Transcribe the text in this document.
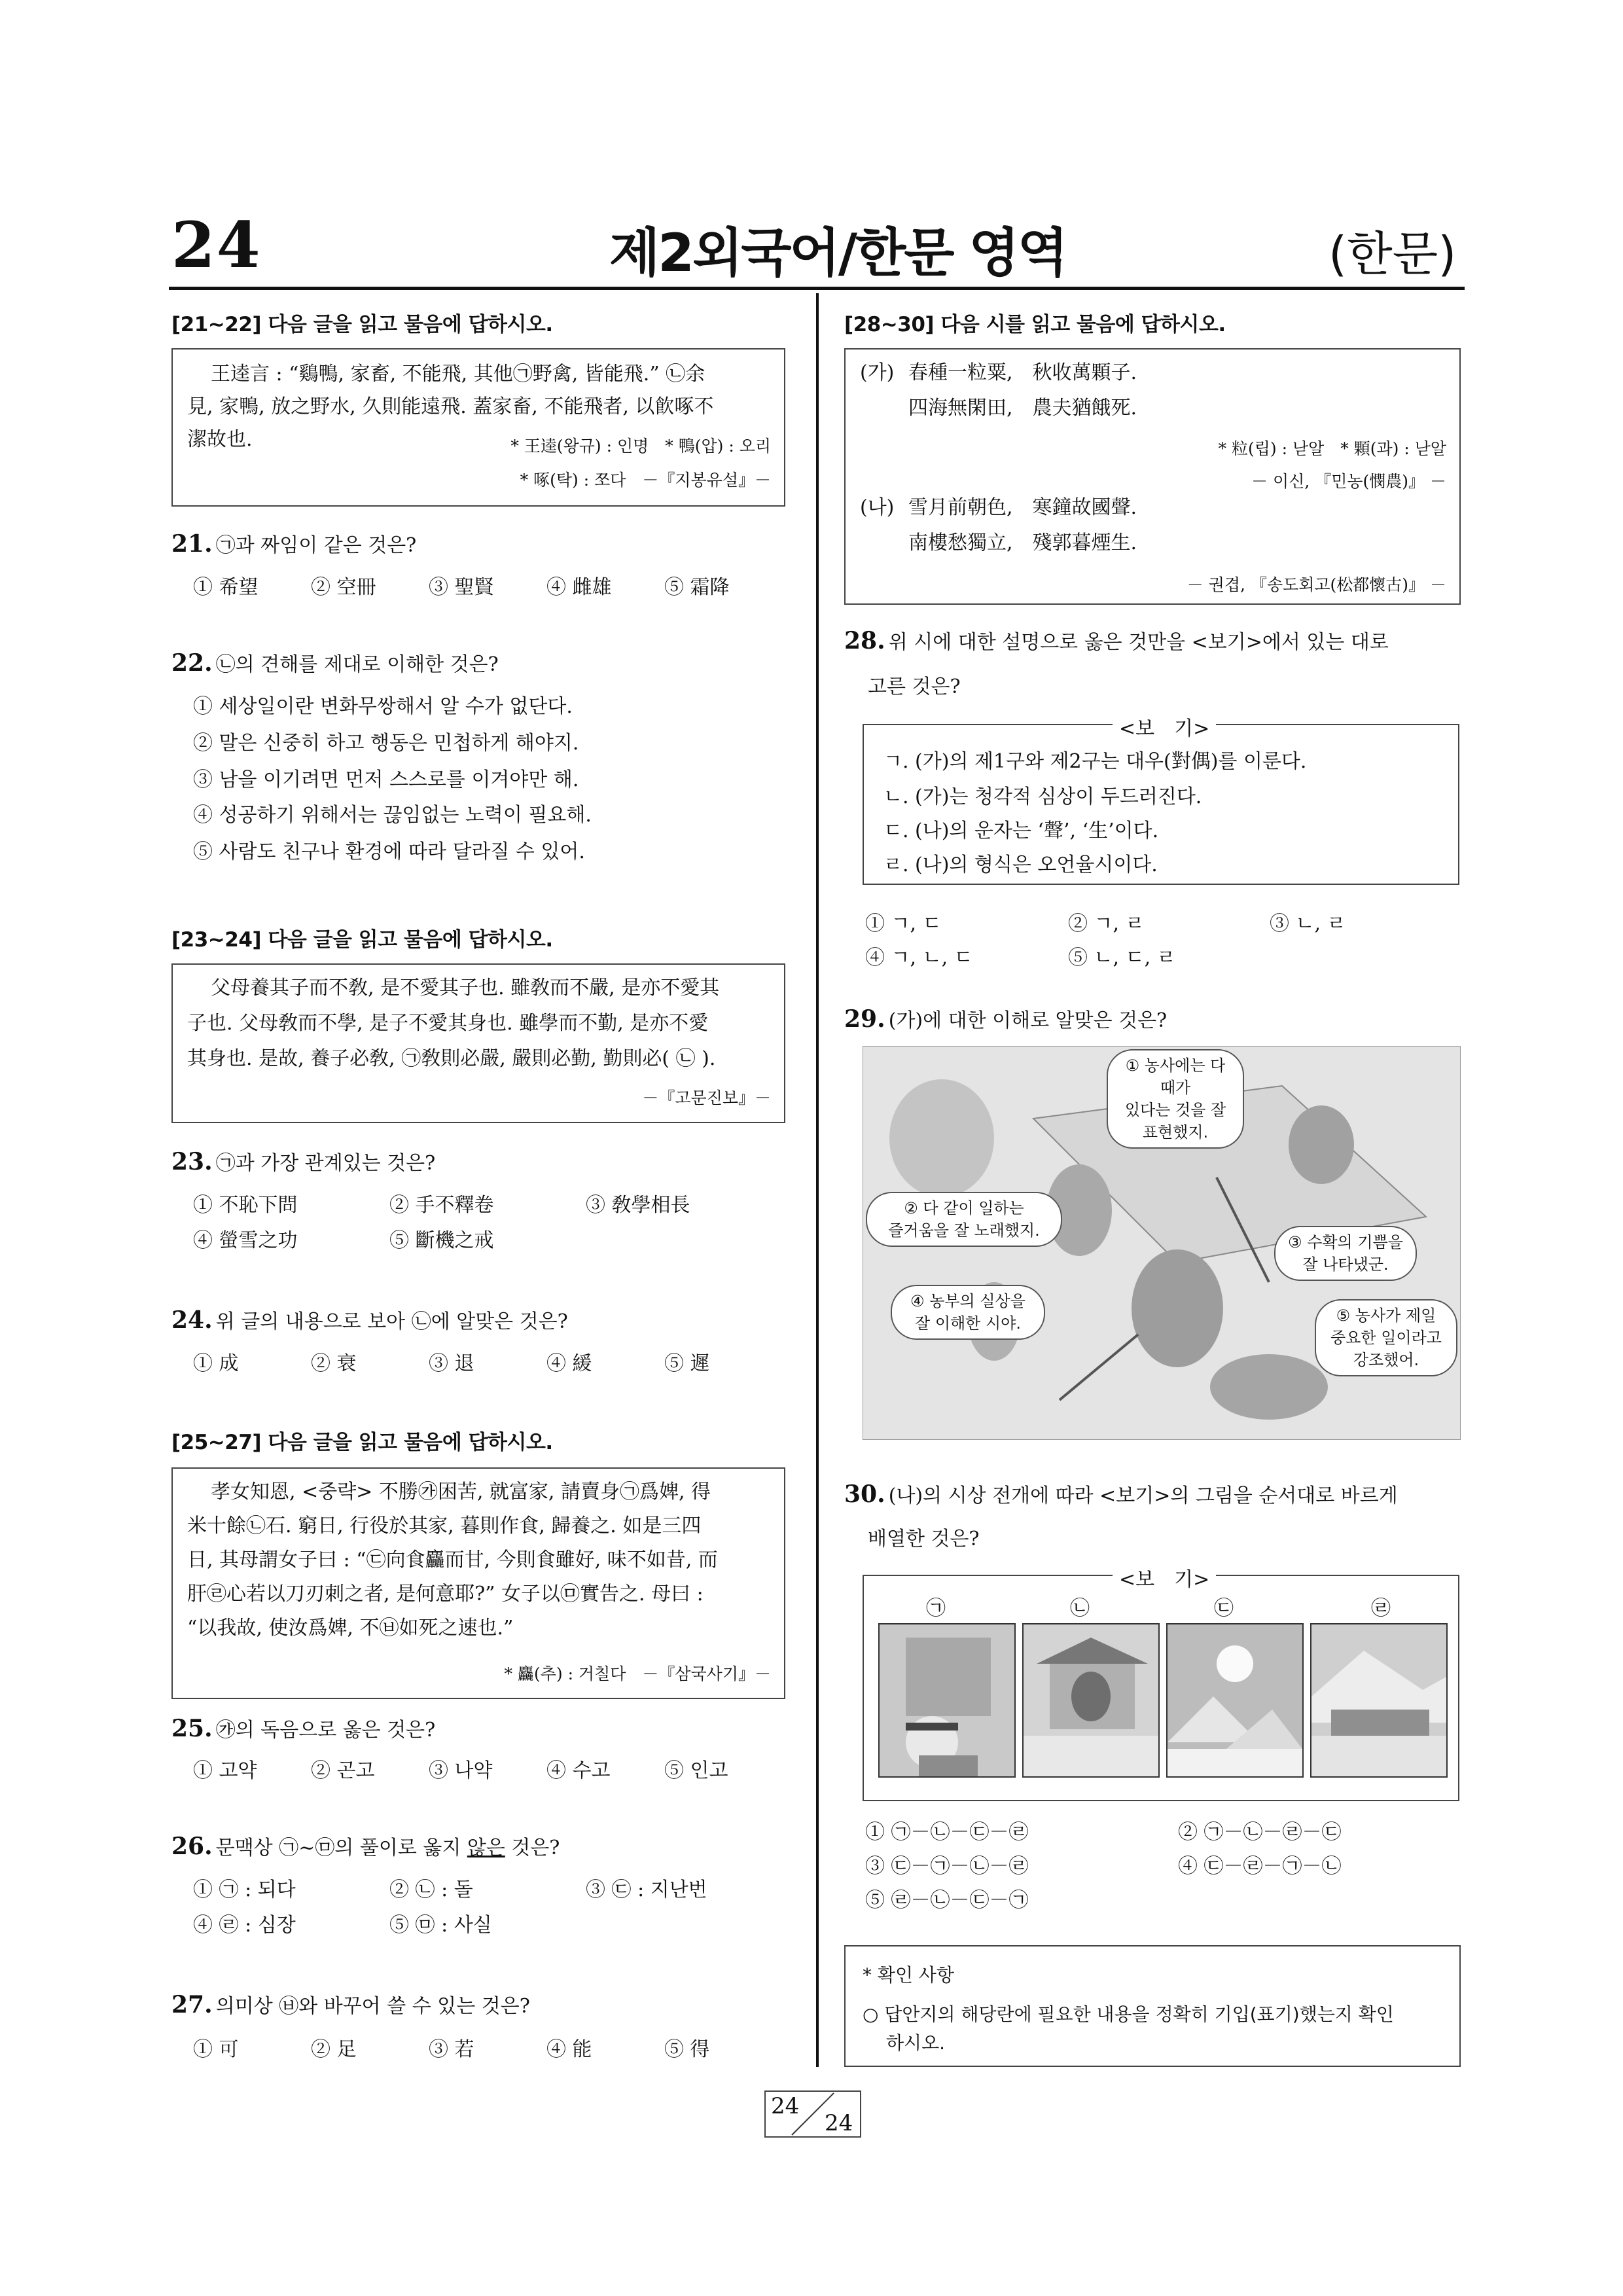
24	제2외국어/한문 영역	(한문)
[21~22] 다음 글을 읽고 물음에 답하시오.
王逵言 : “鷄鴨, 家畜, 不能飛, 其他㉠野禽, 皆能飛.” ㉡余
見, 家鴨, 放之野水, 久則能遠飛. 蓋家畜, 不能飛者, 以飮啄不
潔故也.	* 王逵(왕규) : 인명　* 鴨(압) : 오리
* 啄(탁) : 쪼다　－『지봉유설』－
21. ㉠과 짜임이 같은 것은?
① 希望	② 空冊	③ 聖賢	④ 雌雄	⑤ 霜降
22. ㉡의 견해를 제대로 이해한 것은?
① 세상일이란 변화무쌍해서 알 수가 없단다.
② 말은 신중히 하고 행동은 민첩하게 해야지.
③ 남을 이기려면 먼저 스스로를 이겨야만 해.
④ 성공하기 위해서는 끊임없는 노력이 필요해.
⑤ 사람도 친구나 환경에 따라 달라질 수 있어.
[23~24] 다음 글을 읽고 물음에 답하시오.
父母養其子而不敎, 是不愛其子也. 雖敎而不嚴, 是亦不愛其
子也. 父母敎而不學, 是子不愛其身也. 雖學而不勤, 是亦不愛
其身也. 是故, 養子必敎, ㉠敎則必嚴, 嚴則必勤, 勤則必( ㉡ ).
－『고문진보』－
23. ㉠과 가장 관계있는 것은?
① 不恥下問	② 手不釋卷	③ 敎學相長
④ 螢雪之功	⑤ 斷機之戒
24. 위 글의 내용으로 보아 ㉡에 알맞은 것은?
① 成	② 衰	③ 退	④ 緩	⑤ 遲
[25~27] 다음 글을 읽고 물음에 답하시오.
孝女知恩, <중략> 不勝㉮困苦, 就富家, 請賣身㉠爲婢, 得
米十餘㉡石. 窮日, 行役於其家, 暮則作食, 歸養之. 如是三四
日, 其母謂女子曰 : “㉢向食麤而甘, 今則食雖好, 味不如昔, 而
肝㉣心若以刀刃刺之者, 是何意耶?” 女子以㉤實告之. 母曰 :
“以我故, 使汝爲婢, 不㉥如死之速也.”
* 麤(추) : 거칠다　－『삼국사기』－
25. ㉮의 독음으로 옳은 것은?
① 고약	② 곤고	③ 나약	④ 수고	⑤ 인고
26. 문맥상 ㉠~㉤의 풀이로 옳지 않은 것은?
① ㉠ : 되다	② ㉡ : 돌	③ ㉢ : 지난번
④ ㉣ : 심장	⑤ ㉤ : 사실
27. 의미상 ㉥와 바꾸어 쓸 수 있는 것은?
① 可	② 足	③ 若	④ 能	⑤ 得
[28~30] 다음 시를 읽고 물음에 답하시오.
(가) 春種一粒粟,　秋收萬顆子.
四海無閑田,　農夫猶餓死.
* 粒(립) : 낟알　* 顆(과) : 낟알
－ 이신, 『민농(憫農)』 －
(나) 雪月前朝色,　寒鐘故國聲.
南樓愁獨立,　殘郭暮煙生.
－ 권겹, 『송도회고(松都懷古)』 －
28. 위 시에 대한 설명으로 옳은 것만을 <보기>에서 있는 대로
고른 것은?
<보　기>
ㄱ. (가)의 제1구와 제2구는 대우(對偶)를 이룬다.
ㄴ. (가)는 청각적 심상이 두드러진다.
ㄷ. (나)의 운자는 ‘聲’, ‘生’이다.
ㄹ. (나)의 형식은 오언율시이다.
① ㄱ, ㄷ	② ㄱ, ㄹ	③ ㄴ, ㄹ
④ ㄱ, ㄴ, ㄷ	⑤ ㄴ, ㄷ, ㄹ
29. (가)에 대한 이해로 알맞은 것은?
① 농사에는 다 때가
있다는 것을 잘
표현했지.
② 다 같이 일하는
즐거움을 잘 노래했지.
③ 수확의 기쁨을
잘 나타냈군.
④ 농부의 실상을
잘 이해한 시야.	⑤ 농사가 제일
중요한 일이라고
강조했어.
30. (나)의 시상 전개에 따라 <보기>의 그림을 순서대로 바르게
배열한 것은?
<보　기>
㉠	㉡	㉢	㉣
① ㉠－㉡－㉢－㉣	② ㉠－㉡－㉣－㉢
③ ㉢－㉠－㉡－㉣	④ ㉢－㉣－㉠－㉡
⑤ ㉣－㉡－㉢－㉠
* 확인 사항
○ 답안지의 해당란에 필요한 내용을 정확히 기입(표기)했는지 확인
하시오.
24
24
